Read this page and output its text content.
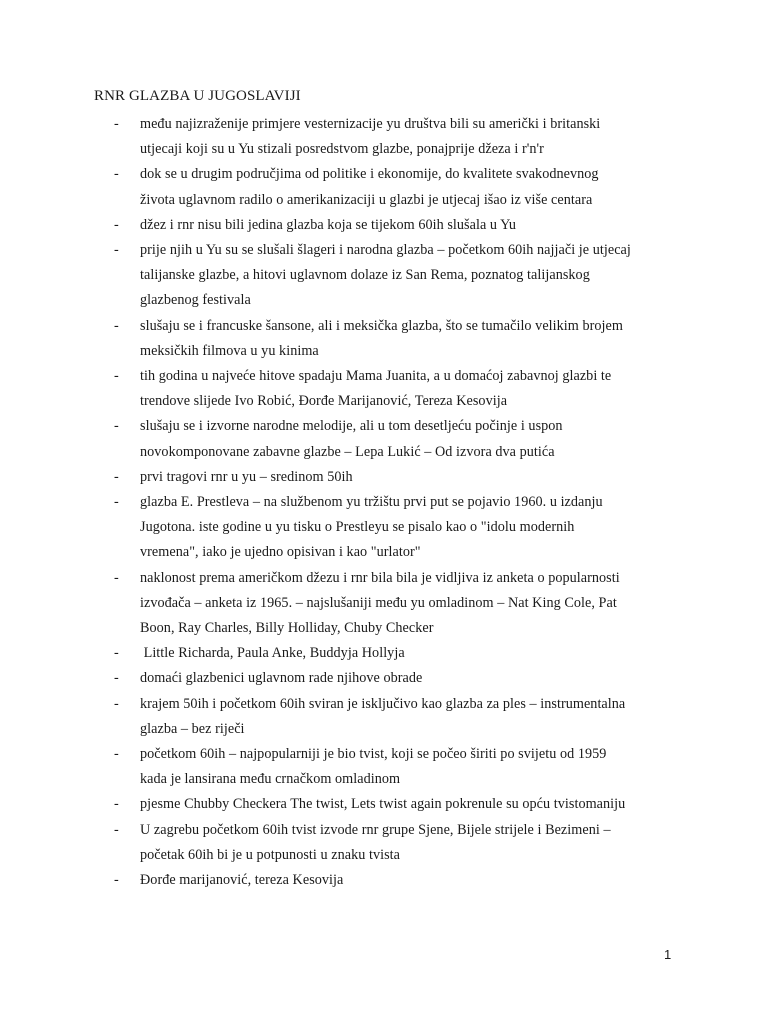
RNR GLAZBA U JUGOSLAVIJI
-	među najizraženije primjere vesternizacije yu društva bili su američki i britanski
utjecaji koji su u Yu stizali posredstvom glazbe, ponajprije džeza i r'n'r
-	dok se u drugim područjima od politike i ekonomije, do kvalitete svakodnevnog
života uglavnom radilo o amerikanizaciji u glazbi je utjecaj išao iz više centara
-	džez i rnr nisu bili jedina glazba koja se tijekom 60ih slušala u Yu
-	prije njih u Yu su se slušali šlageri i narodna glazba – početkom 60ih najjači je utjecaj
talijanske glazbe, a hitovi uglavnom dolaze iz San Rema, poznatog talijanskog
glazbenog festivala
-	slušaju se i francuske šansone, ali i meksička glazba, što se tumačilo velikim brojem
meksičkih filmova u yu kinima
-	tih godina u najveće hitove spadaju Mama Juanita, a u domaćoj zabavnoj glazbi te
trendove slijede Ivo Robić, Đorđe Marijanović, Tereza Kesovija
-	slušaju se i izvorne narodne melodije, ali u tom desetljeću počinje i uspon
novokomponovane zabavne glazbe – Lepa Lukić – Od izvora dva putića
-	prvi tragovi rnr u yu – sredinom 50ih
-	glazba E. Prestleva – na službenom yu tržištu prvi put se pojavio 1960. u izdanju
Jugotona. iste godine u yu tisku o Prestleyu se pisalo kao o "idolu modernih
vremena", iako je ujedno opisivan i kao "urlator"
-	naklonost prema američkom džezu i rnr bila bila je vidljiva iz anketa o popularnosti
izvođača – anketa iz 1965. – najslušaniji među yu omladinom – Nat King Cole, Pat
Boon, Ray Charles, Billy Holliday, Chuby Checker
-	Little Richarda, Paula Anke, Buddyja Hollyja
-	domaći glazbenici uglavnom rade njihove obrade
-	krajem 50ih i početkom 60ih sviran je isključivo kao glazba za ples – instrumentalna
glazba – bez riječi
-	početkom 60ih – najpopularniji je bio tvist, koji se počeo širiti po svijetu od 1959
kada je lansirana među crnačkom omladinom
-	pjesme Chubby Checkera The twist, Lets twist again pokrenule su opću tvistomaniju
-	U zagrebu početkom 60ih tvist izvode rnr grupe Sjene, Bijele strijele i Bezimeni –
početak 60ih bi je u potpunosti u znaku tvista
-	Đorđe marijanović, tereza Kesovija
1
